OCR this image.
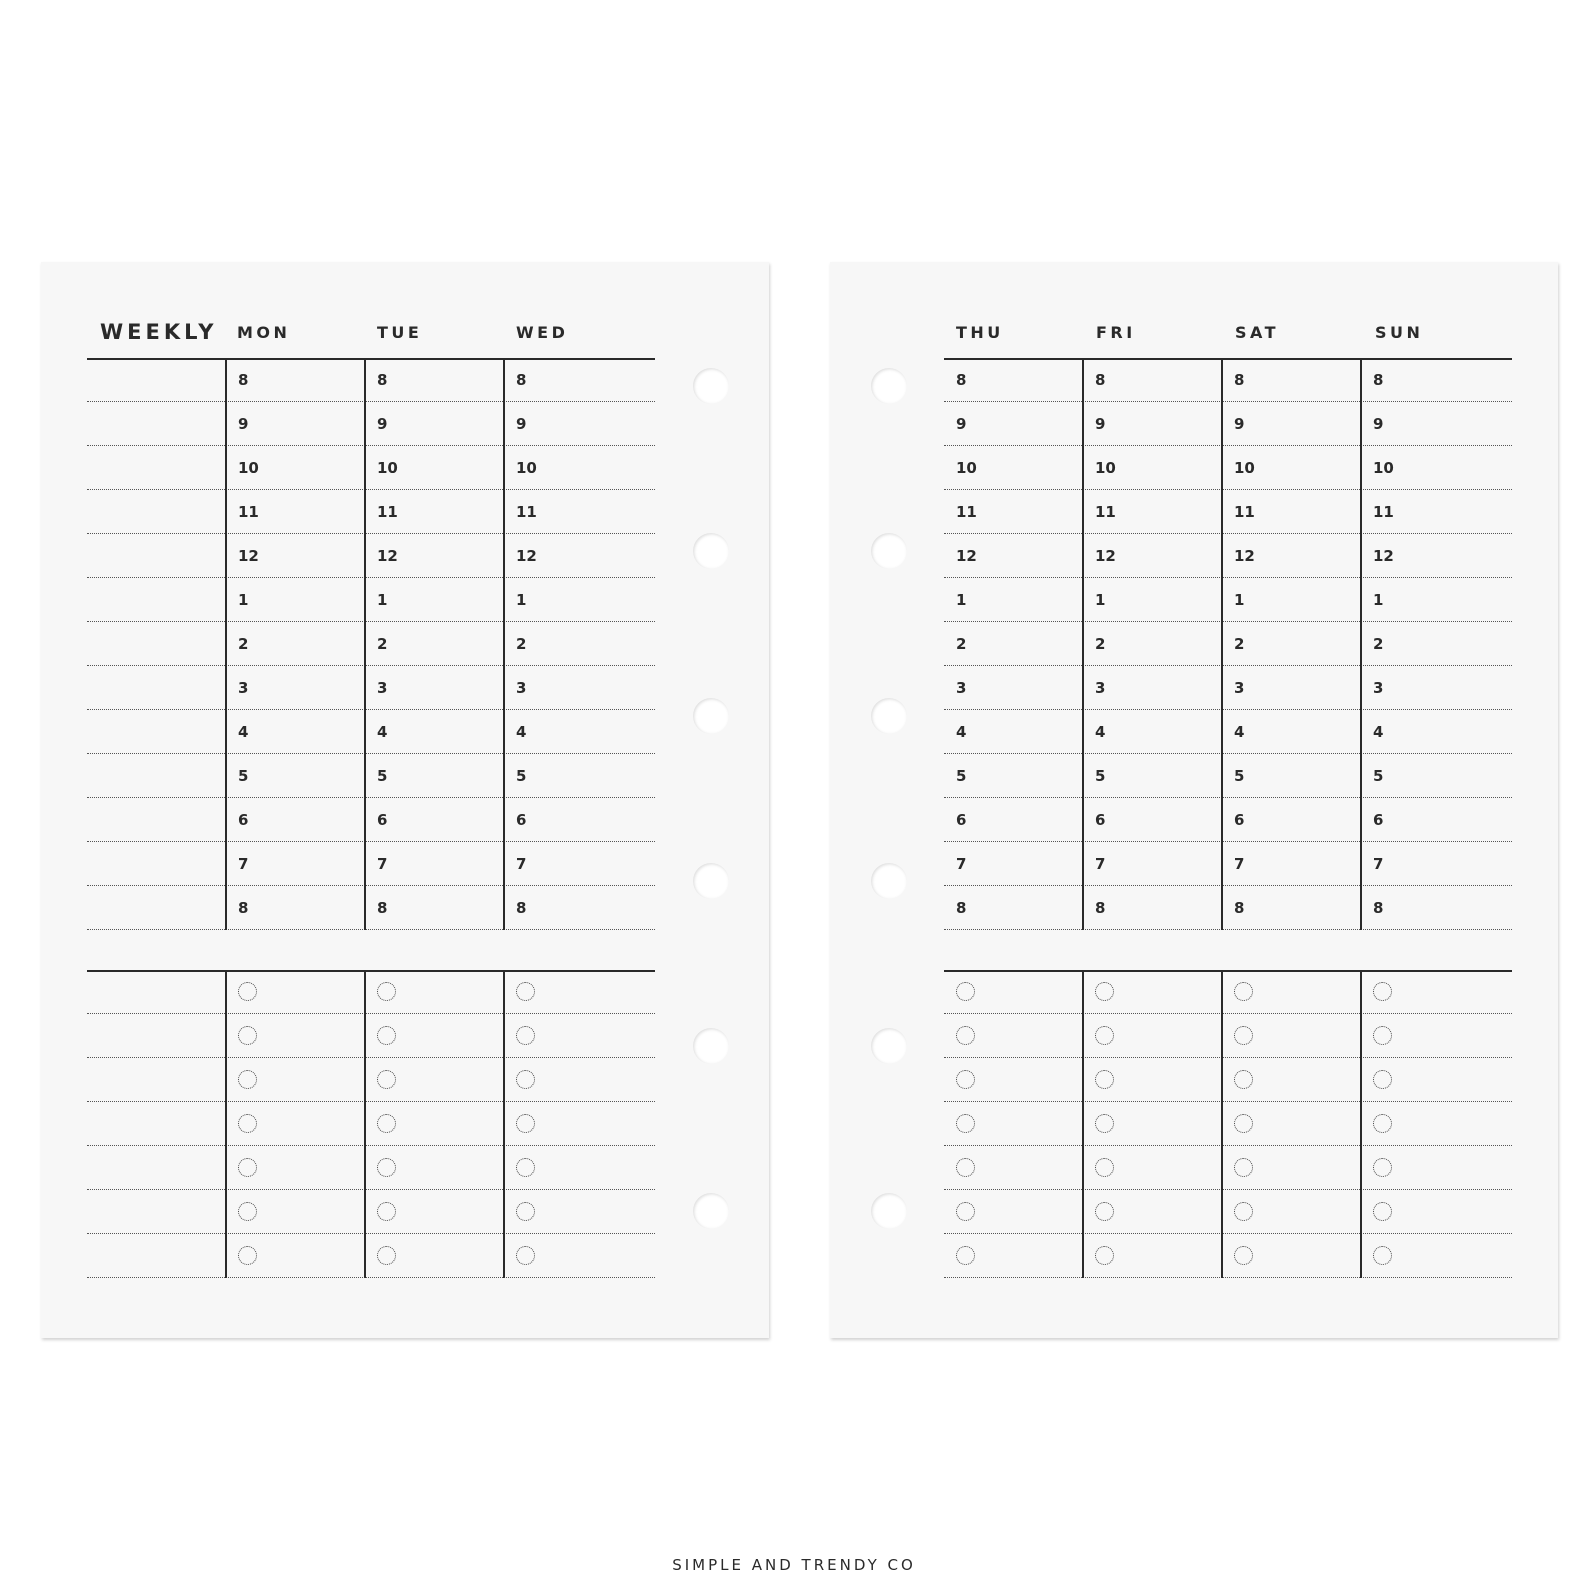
WEEKLY MON	TUE	WED
8	8	8
9	9	9
10	10	10
11	11	11
12	12	12
1	1	1
2	2	2
3	3	3
4	4	4
5	5	5
6	6	6
7	7	7
8	8	8
THU	FRI	SAT	SUN
8	8	8	8
9	9	9	9
10	10	10	10
11	11	11	11
12	12	12	12
1	1	1	1
2	2	2	2
3	3	3	3
4	4	4	4
5	5	5	5
6	6	6	6
7	7	7	7
8	8	8	8
SIMPLE AND TRENDY CO
